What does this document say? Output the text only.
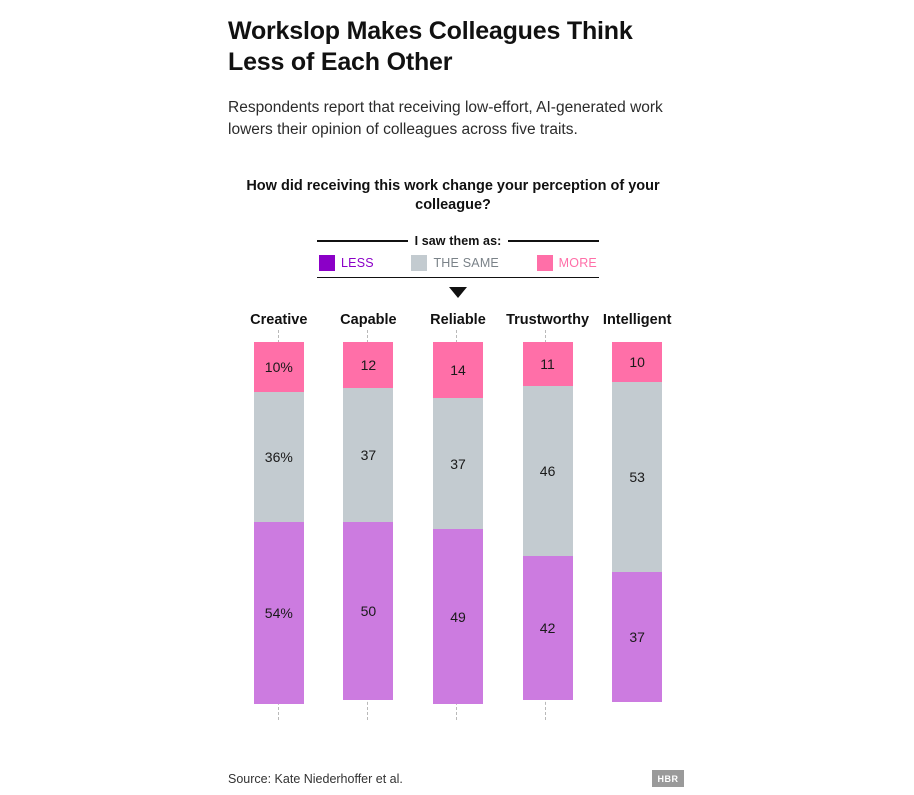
Workslop Makes Colleagues Think Less of Each Other

Respondents report that receiving low-effort, AI-generated work lowers their opinion of colleagues across five traits.

How did receiving this work change your perception of your colleague?

I saw them as:
LESS	THE SAME	MORE
Creative
10%
36%
54%
Capable
12
37
50
Reliable
14
37
49
Trustworthy
11
46
42
Intelligent
10
53
37
Source: Kate Niederhoffer et al.	HBR
